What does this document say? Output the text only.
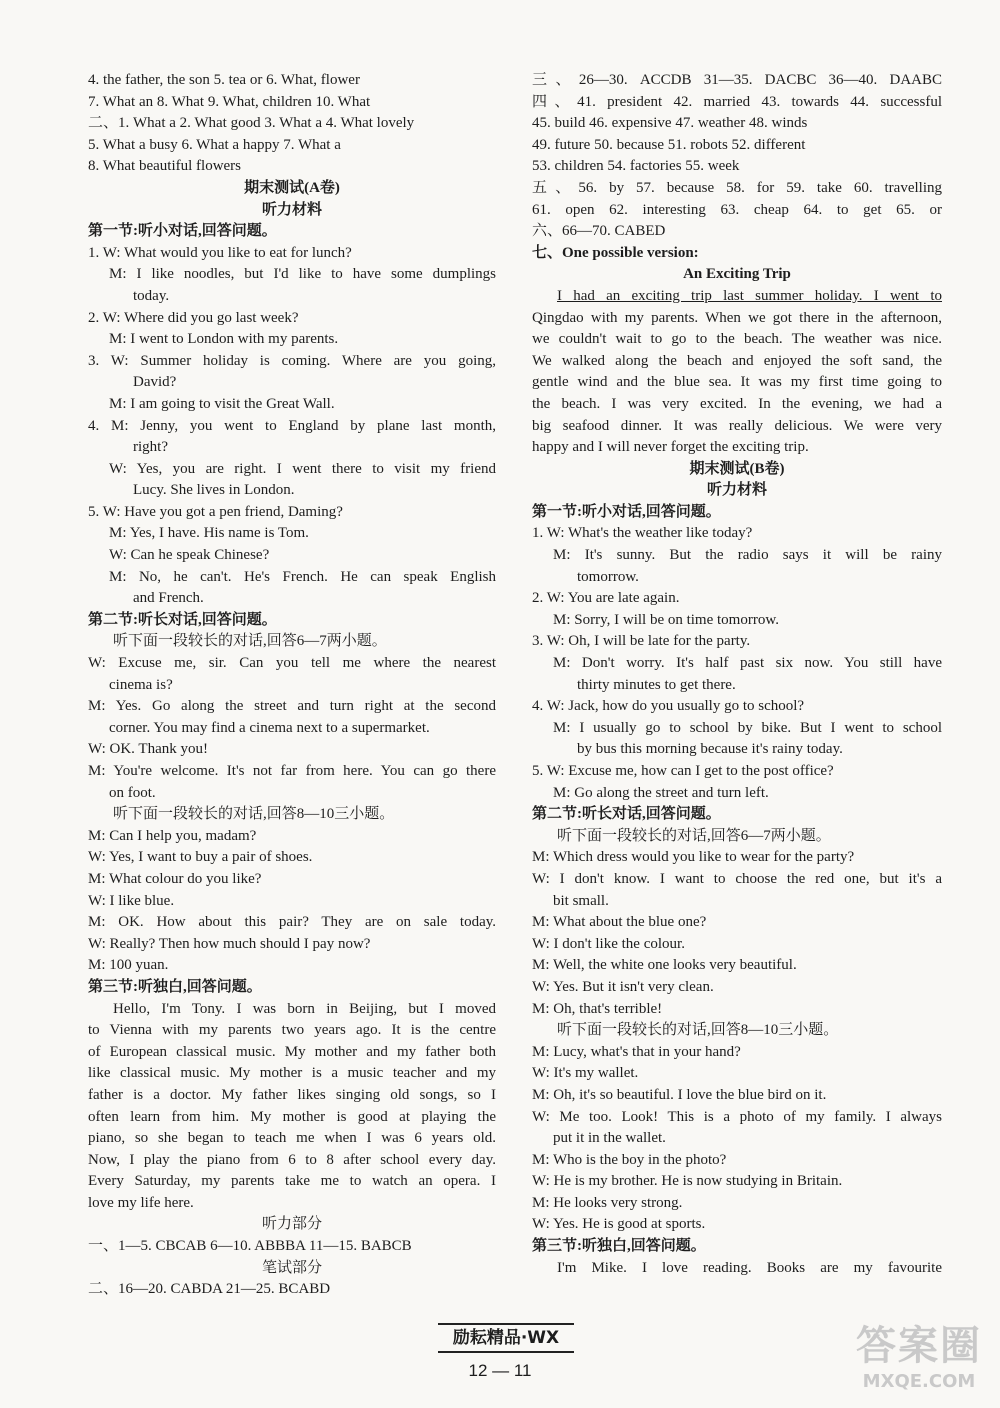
4. the father, the son 5. tea or 6. What, flower
7. What an 8. What 9. What, children 10. What
二、1. What a 2. What good 3. What a 4. What lovely
5. What a busy 6. What a happy 7. What a
8. What beautiful flowers
期末测试(A卷)
听力材料
第一节:听小对话,回答问题。
1. W: What would you like to eat for lunch?
M: I like noodles, but I'd like to have some dumplings
today.
2. W: Where did you go last week?
M: I went to London with my parents.
3. W: Summer holiday is coming. Where are you going,
David?
M: I am going to visit the Great Wall.
4. M: Jenny, you went to England by plane last month,
right?
W: Yes, you are right. I went there to visit my friend
Lucy. She lives in London.
5. W: Have you got a pen friend, Daming?
M: Yes, I have. His name is Tom.
W: Can he speak Chinese?
M: No, he can't. He's French. He can speak English
and French.
第二节:听长对话,回答问题。
听下面一段较长的对话,回答6—7两小题。
W: Excuse me, sir. Can you tell me where the nearest
cinema is?
M: Yes. Go along the street and turn right at the second
corner. You may find a cinema next to a supermarket.
W: OK. Thank you!
M: You're welcome. It's not far from here. You can go there
on foot.
听下面一段较长的对话,回答8—10三小题。
M: Can I help you, madam?
W: Yes, I want to buy a pair of shoes.
M: What colour do you like?
W: I like blue.
M: OK. How about this pair? They are on sale today.
W: Really? Then how much should I pay now?
M: 100 yuan.
第三节:听独白,回答问题。
Hello, I'm Tony. I was born in Beijing, but I moved
to Vienna with my parents two years ago. It is the centre
of European classical music. My mother and my father both
like classical music. My mother is a music teacher and my
father is a doctor. My father likes singing old songs, so I
often learn from him. My mother is good at playing the
piano, so she began to teach me when I was 6 years old.
Now, I play the piano from 6 to 8 after school every day.
Every Saturday, my parents take me to watch an opera. I
love my life here.
听力部分
一、1—5. CBCAB 6—10. ABBBA 11—15. BABCB
笔试部分
二、16—20. CABDA 21—25. BCABD
三、26—30. ACCDB 31—35. DACBC 36—40. DAABC
四、41. president 42. married 43. towards 44. successful
45. build 46. expensive 47. weather 48. winds
49. future 50. because 51. robots 52. different
53. children 54. factories 55. week
五、56. by 57. because 58. for 59. take 60. travelling
61. open 62. interesting 63. cheap 64. to get 65. or
六、66—70. CABED
七、One possible version:
An Exciting Trip
I had an exciting trip last summer holiday. I went to
Qingdao with my parents. When we got there in the afternoon,
we couldn't wait to go to the beach. The weather was nice.
We walked along the beach and enjoyed the soft sand, the
gentle wind and the blue sea. It was my first time going to
the beach. I was very excited. In the evening, we had a
big seafood dinner. It was really delicious. We were very
happy and I will never forget the exciting trip.
期末测试(B卷)
听力材料
第一节:听小对话,回答问题。
1. W: What's the weather like today?
M: It's sunny. But the radio says it will be rainy
tomorrow.
2. W: You are late again.
M: Sorry, I will be on time tomorrow.
3. W: Oh, I will be late for the party.
M: Don't worry. It's half past six now. You still have
thirty minutes to get there.
4. W: Jack, how do you usually go to school?
M: I usually go to school by bike. But I went to school
by bus this morning because it's rainy today.
5. W: Excuse me, how can I get to the post office?
M: Go along the street and turn left.
第二节:听长对话,回答问题。
听下面一段较长的对话,回答6—7两小题。
M: Which dress would you like to wear for the party?
W: I don't know. I want to choose the red one, but it's a
bit small.
M: What about the blue one?
W: I don't like the colour.
M: Well, the white one looks very beautiful.
W: Yes. But it isn't very clean.
M: Oh, that's terrible!
听下面一段较长的对话,回答8—10三小题。
M: Lucy, what's that in your hand?
W: It's my wallet.
M: Oh, it's so beautiful. I love the blue bird on it.
W: Me too. Look! This is a photo of my family. I always
put it in the wallet.
M: Who is the boy in the photo?
W: He is my brother. He is now studying in Britain.
M: He looks very strong.
W: Yes. He is good at sports.
第三节:听独白,回答问题。
I'm Mike. I love reading. Books are my favourite
励耘精品·WX
12 — 11
答案圈
MXQE.COM
